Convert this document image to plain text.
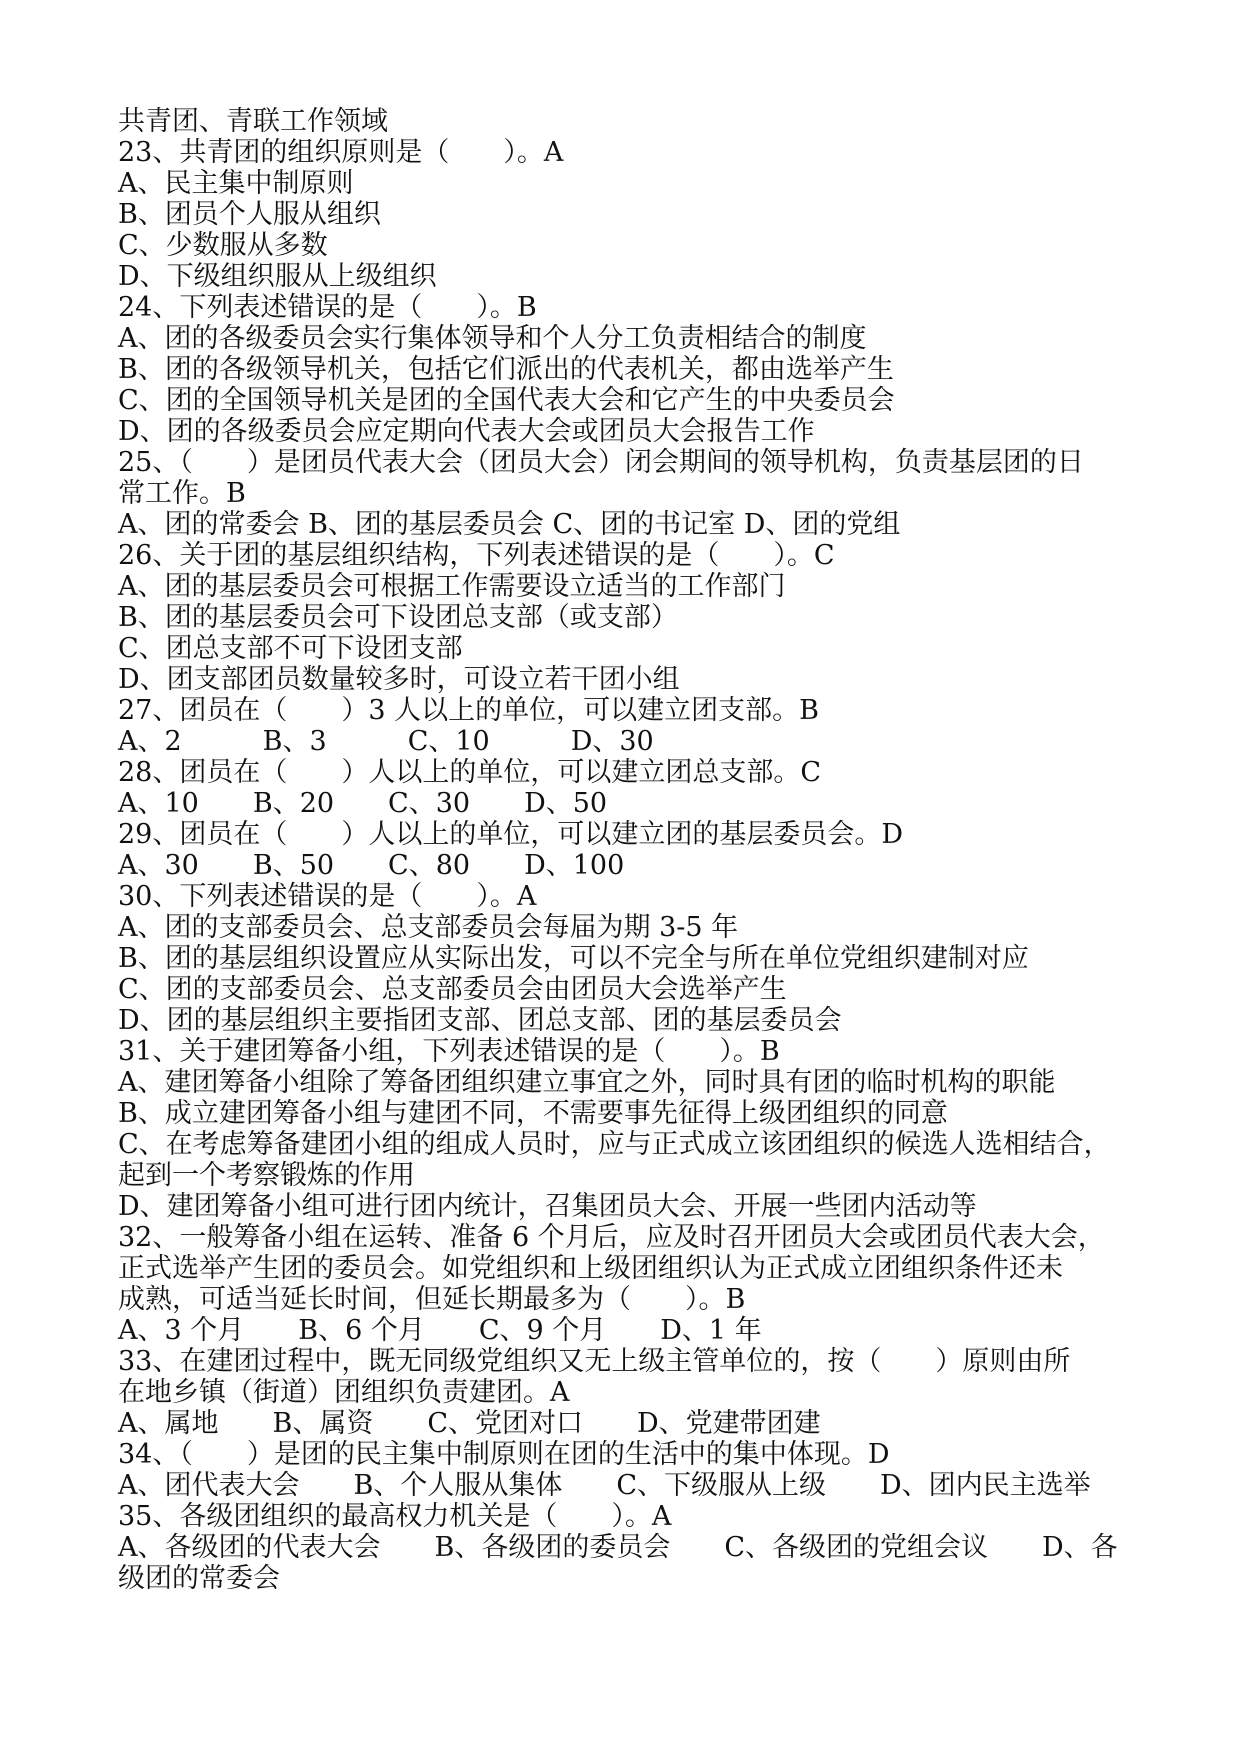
共青团、青联工作领域
23、共青团的组织原则是（　　）。A
A、民主集中制原则
B、团员个人服从组织
C、少数服从多数
D、下级组织服从上级组织
24、下列表述错误的是（　　）。B
A、团的各级委员会实行集体领导和个人分工负责相结合的制度
B、团的各级领导机关，包括它们派出的代表机关，都由选举产生
C、团的全国领导机关是团的全国代表大会和它产生的中央委员会
D、团的各级委员会应定期向代表大会或团员大会报告工作
25、（　　）是团员代表大会（团员大会）闭会期间的领导机构，负责基层团的日
常工作。B
A、团的常委会 B、团的基层委员会 C、团的书记室 D、团的党组
26、关于团的基层组织结构，下列表述错误的是（　　）。C
A、团的基层委员会可根据工作需要设立适当的工作部门
B、团的基层委员会可下设团总支部（或支部）
C、团总支部不可下设团支部
D、团支部团员数量较多时，可设立若干团小组
27、团员在（　　）3 人以上的单位，可以建立团支部。B
A、2　　　B、3　　　C、10　　　D、30
28、团员在（　　）人以上的单位，可以建立团总支部。C
A、10　　B、20　　C、30　　D、50
29、团员在（　　）人以上的单位，可以建立团的基层委员会。D
A、30　　B、50　　C、80　　D、100
30、下列表述错误的是（　　）。A
A、团的支部委员会、总支部委员会每届为期 3-5 年
B、团的基层组织设置应从实际出发，可以不完全与所在单位党组织建制对应
C、团的支部委员会、总支部委员会由团员大会选举产生
D、团的基层组织主要指团支部、团总支部、团的基层委员会
31、关于建团筹备小组，下列表述错误的是（　　）。B
A、建团筹备小组除了筹备团组织建立事宜之外，同时具有团的临时机构的职能
B、成立建团筹备小组与建团不同，不需要事先征得上级团组织的同意
C、在考虑筹备建团小组的组成人员时，应与正式成立该团组织的候选人选相结合，
起到一个考察锻炼的作用
D、建团筹备小组可进行团内统计，召集团员大会、开展一些团内活动等
32、一般筹备小组在运转、准备 6 个月后，应及时召开团员大会或团员代表大会，
正式选举产生团的委员会。如党组织和上级团组织认为正式成立团组织条件还未
成熟，可适当延长时间，但延长期最多为（　　）。B
A、3 个月　　B、6 个月　　C、9 个月　　D、1 年
33、在建团过程中，既无同级党组织又无上级主管单位的，按（　　）原则由所
在地乡镇（街道）团组织负责建团。A
A、属地　　B、属资　　C、党团对口　　D、党建带团建
34、（　　）是团的民主集中制原则在团的生活中的集中体现。D
A、团代表大会　　B、个人服从集体　　C、下级服从上级　　D、团内民主选举
35、各级团组织的最高权力机关是（　　）。A
A、各级团的代表大会　　B、各级团的委员会　　C、各级团的党组会议　　D、各
级团的常委会
